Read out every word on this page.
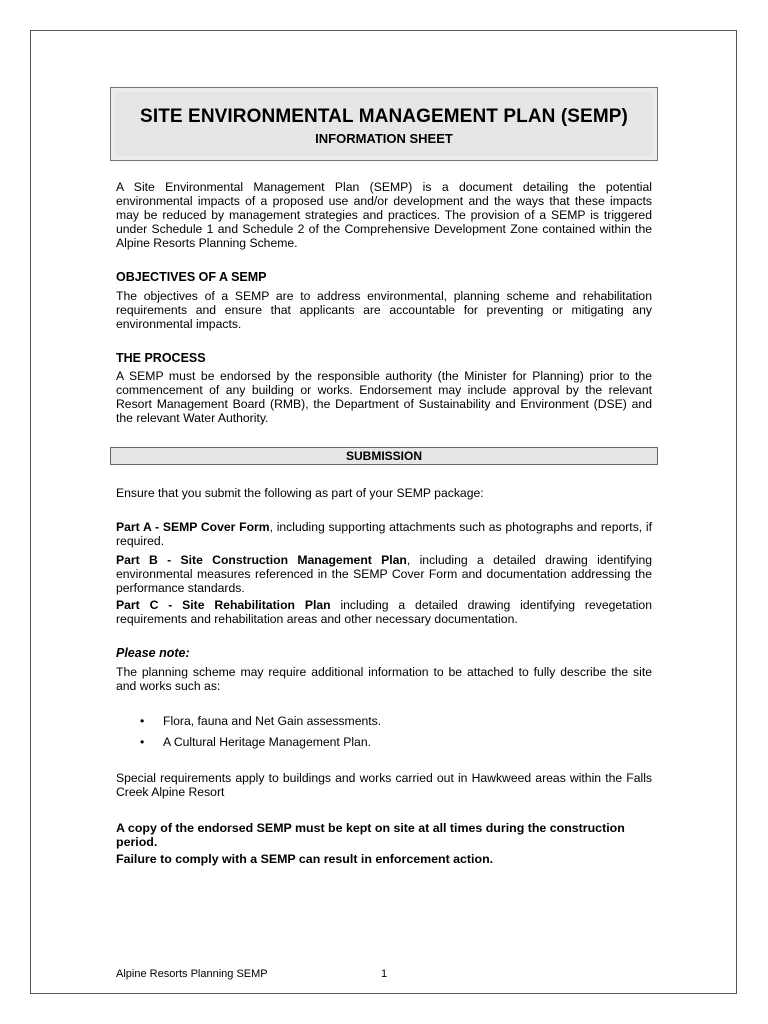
SITE ENVIRONMENTAL MANAGEMENT PLAN (SEMP)
INFORMATION SHEET
A Site Environmental Management Plan (SEMP) is a document detailing the potential environmental impacts of a proposed use and/or development and the ways that these impacts may be reduced by management strategies and practices. The provision of a SEMP is triggered under Schedule 1 and Schedule 2 of the Comprehensive Development Zone contained within the Alpine Resorts Planning Scheme.
OBJECTIVES OF A SEMP
The objectives of a SEMP are to address environmental, planning scheme and rehabilitation requirements and ensure that applicants are accountable for preventing or mitigating any environmental impacts.
THE PROCESS
A SEMP must be endorsed by the responsible authority (the Minister for Planning) prior to the commencement of any building or works. Endorsement may include approval by the relevant Resort Management Board (RMB), the Department of Sustainability and Environment (DSE) and the relevant Water Authority.
SUBMISSION
Ensure that you submit the following as part of your SEMP package:
Part A - SEMP Cover Form, including supporting attachments such as photographs and reports, if required.
Part B - Site Construction Management Plan, including a detailed drawing identifying environmental measures referenced in the SEMP Cover Form and documentation addressing the performance standards.
Part C - Site Rehabilitation Plan including a detailed drawing identifying revegetation requirements and rehabilitation areas and other necessary documentation.
Please note:
The planning scheme may require additional information to be attached to fully describe the site and works such as:
• Flora, fauna and Net Gain assessments.
• A Cultural Heritage Management Plan.
Special requirements apply to buildings and works carried out in Hawkweed areas within the Falls Creek Alpine Resort
A copy of the endorsed SEMP must be kept on site at all times during the construction period.
Failure to comply with a SEMP can result in enforcement action.
Alpine Resorts Planning SEMP	1
